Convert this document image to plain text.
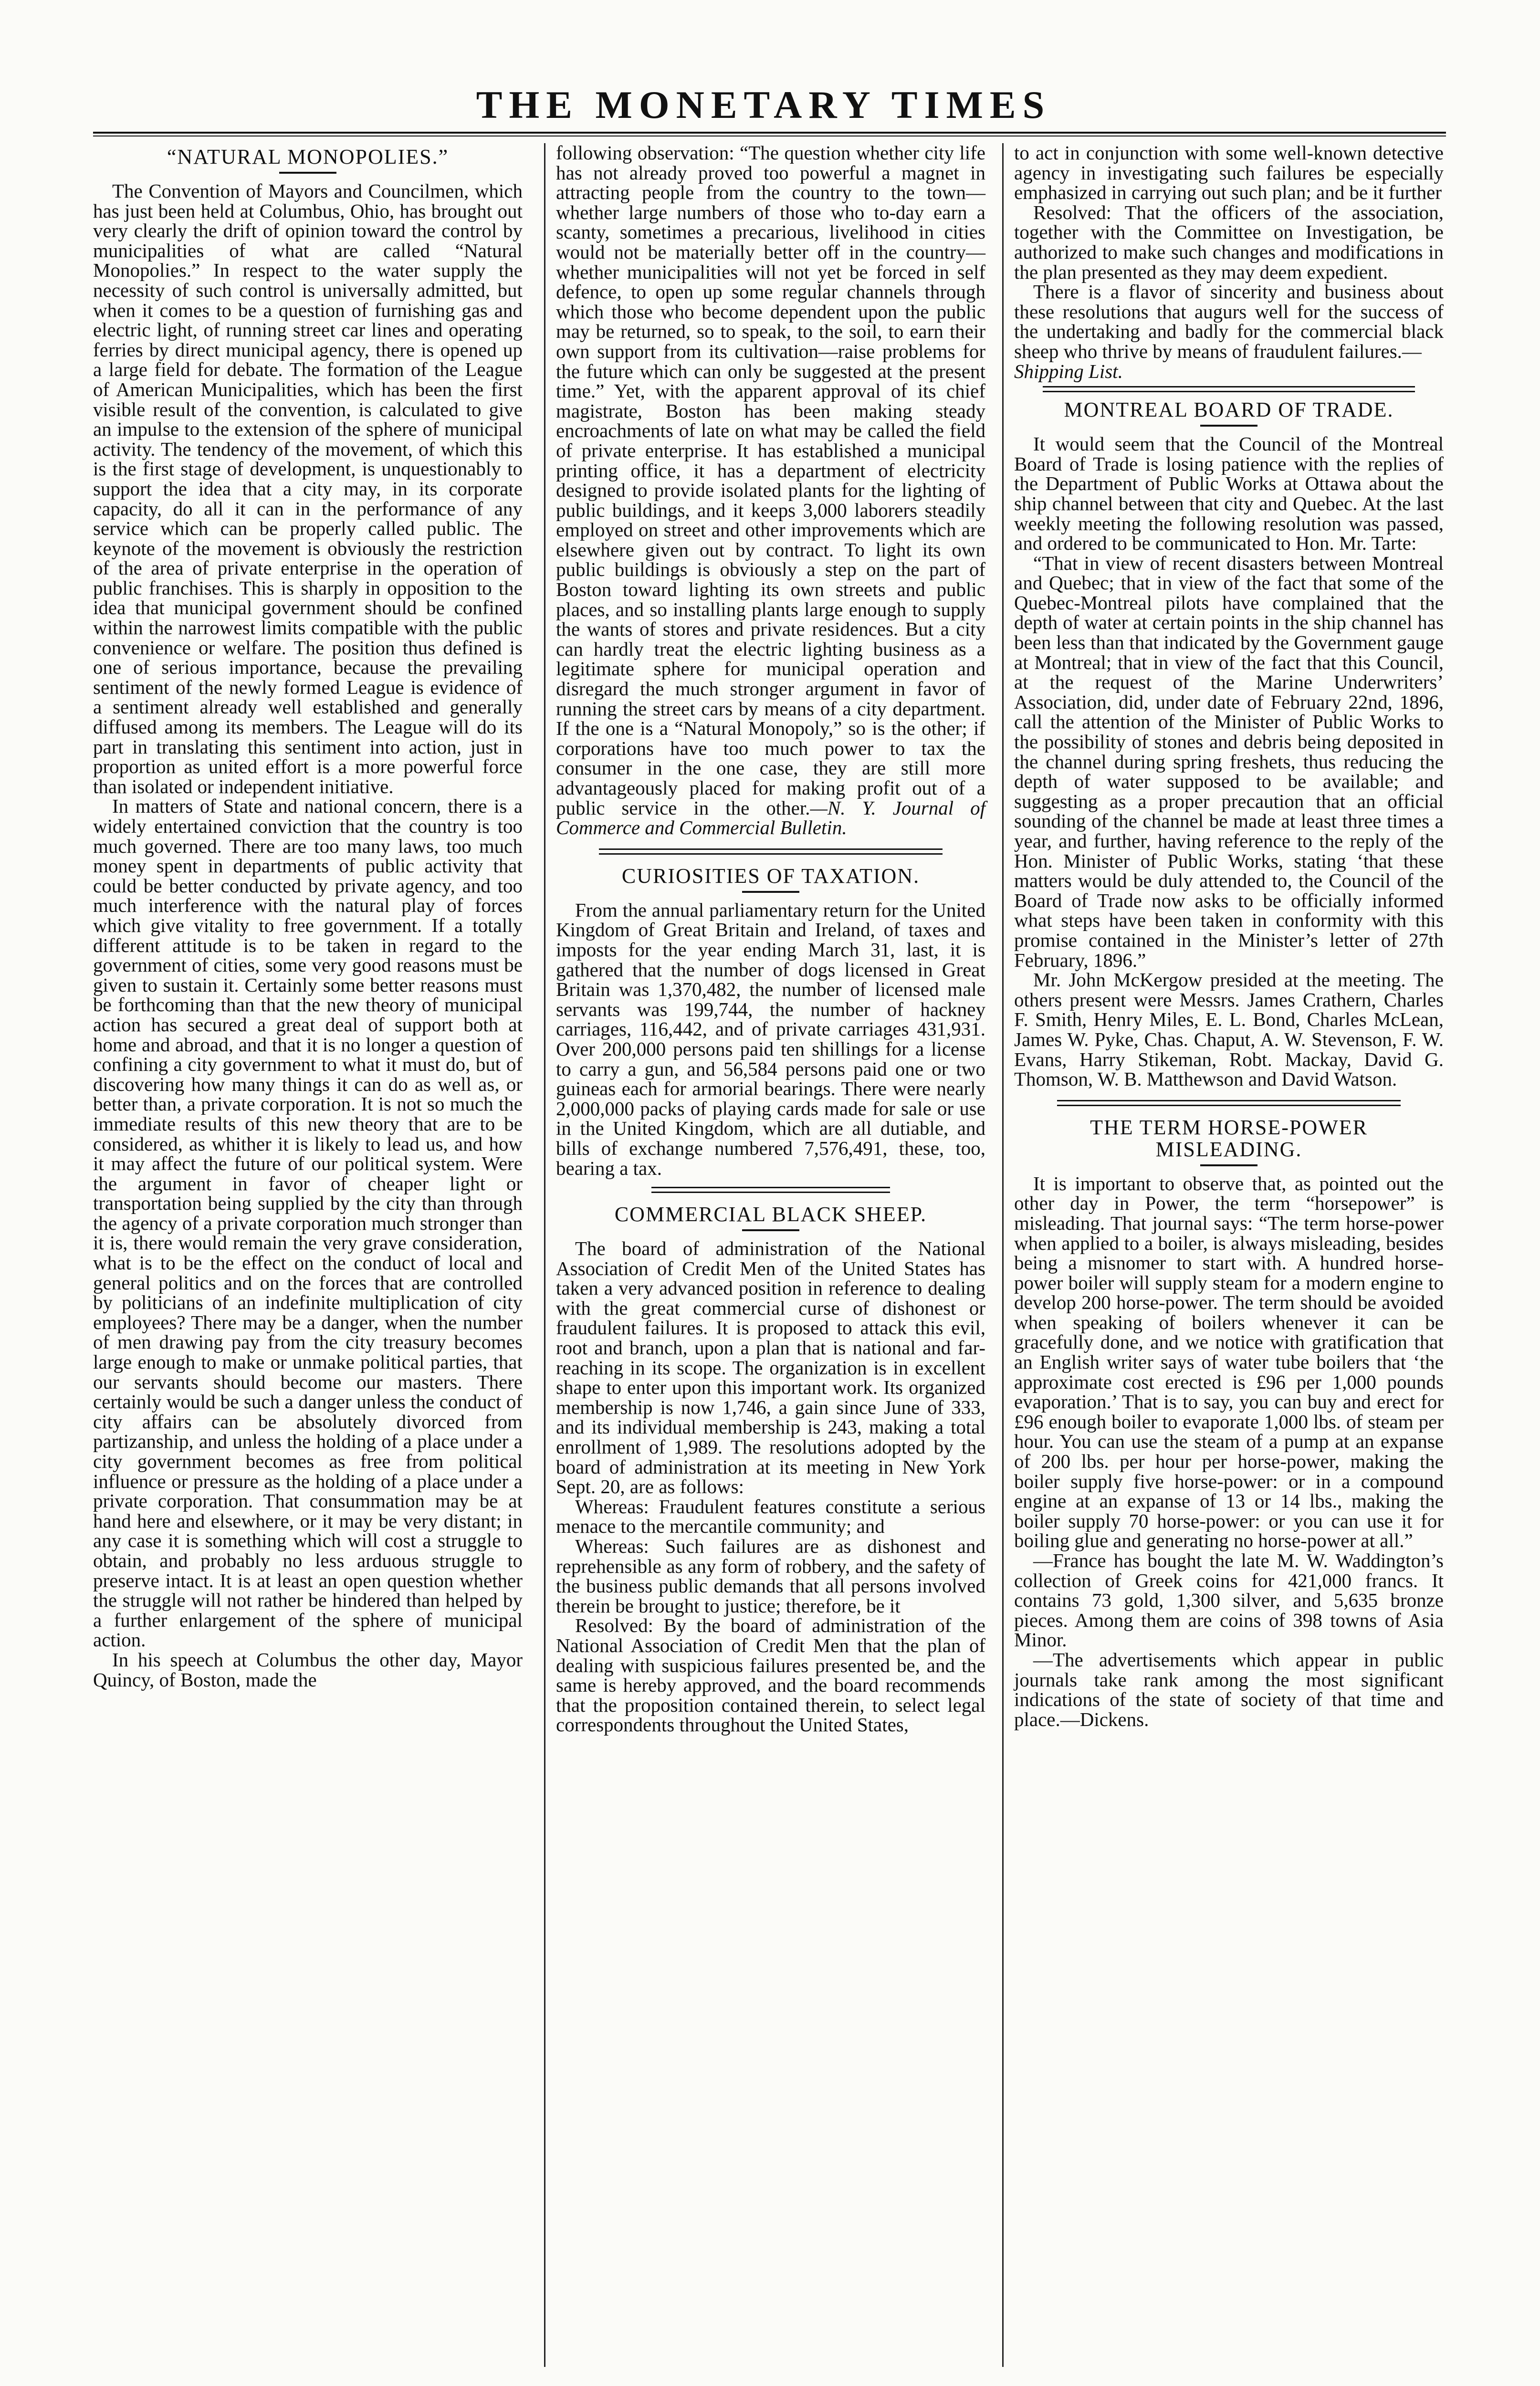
THE MONETARY TIMES
“NATURAL MONOPOLIES.”

The Convention of Mayors and Councilmen, which has just been held at Columbus, Ohio, has brought out very clearly the drift of opinion toward the control by municipalities of what are called “Natural Monopolies.” In respect to the water supply the necessity of such control is universally admitted, but when it comes to be a question of furnishing gas and electric light, of running street car lines and operating ferries by direct municipal agency, there is opened up a large field for debate. The formation of the League of American Municipalities, which has been the first visible result of the convention, is calculated to give an impulse to the extension of the sphere of municipal activity. The tendency of the movement, of which this is the first stage of development, is unquestionably to support the idea that a city may, in its corporate capacity, do all it can in the performance of any service which can be properly called public. The keynote of the movement is obviously the restriction of the area of private enterprise in the operation of public franchises. This is sharply in opposition to the idea that municipal government should be confined within the narrowest limits compatible with the public convenience or welfare. The position thus defined is one of serious importance, because the prevailing sentiment of the newly formed League is evidence of a sentiment already well established and generally diffused among its members. The League will do its part in translating this sentiment into action, just in proportion as united effort is a more powerful force than isolated or independent initiative.

In matters of State and national concern, there is a widely entertained conviction that the country is too much governed. There are too many laws, too much money spent in departments of public activity that could be better conducted by private agency, and too much interference with the natural play of forces which give vitality to free government. If a totally different attitude is to be taken in regard to the government of cities, some very good reasons must be given to sustain it. Certainly some better reasons must be forthcoming than that the new theory of municipal action has secured a great deal of support both at home and abroad, and that it is no longer a question of confining a city government to what it must do, but of discovering how many things it can do as well as, or better than, a private corporation. It is not so much the immediate results of this new theory that are to be considered, as whither it is likely to lead us, and how it may affect the future of our political system. Were the argument in favor of cheaper light or transportation being supplied by the city than through the agency of a private corporation much stronger than it is, there would remain the very grave consideration, what is to be the effect on the conduct of local and general politics and on the forces that are controlled by politicians of an indefinite multiplication of city employees? There may be a danger, when the number of men drawing pay from the city treasury becomes large enough to make or unmake political parties, that our servants should become our masters. There certainly would be such a danger unless the conduct of city affairs can be absolutely divorced from partizanship, and unless the holding of a place under a city government becomes as free from political influence or pressure as the holding of a place under a private corporation. That consummation may be at hand here and elsewhere, or it may be very distant; in any case it is something which will cost a struggle to obtain, and probably no less arduous struggle to preserve intact. It is at least an open question whether the struggle will not rather be hindered than helped by a further enlargement of the sphere of municipal action.

In his speech at Columbus the other day, Mayor Quincy, of Boston, made the

following observation: “The question whether city life has not already proved too powerful a magnet in attracting people from the country to the town—whether large numbers of those who to-day earn a scanty, sometimes a precarious, livelihood in cities would not be materially better off in the country—whether municipalities will not yet be forced in self defence, to open up some regular channels through which those who become dependent upon the public may be returned, so to speak, to the soil, to earn their own support from its cultivation—raise problems for the future which can only be suggested at the present time.” Yet, with the apparent approval of its chief magistrate, Boston has been making steady encroachments of late on what may be called the field of private enterprise. It has established a municipal printing office, it has a department of electricity designed to provide isolated plants for the lighting of public buildings, and it keeps 3,000 laborers steadily employed on street and other improvements which are elsewhere given out by contract. To light its own public buildings is obviously a step on the part of Boston toward lighting its own streets and public places, and so installing plants large enough to supply the wants of stores and private residences. But a city can hardly treat the electric lighting business as a legitimate sphere for municipal operation and disregard the much stronger argument in favor of running the street cars by means of a city department. If the one is a “Natural Monopoly,” so is the other; if corporations have too much power to tax the consumer in the one case, they are still more advantageously placed for making profit out of a public service in the other.—N. Y. Journal of Commerce and Commercial Bulletin.

CURIOSITIES OF TAXATION.

From the annual parliamentary return for the United Kingdom of Great Britain and Ireland, of taxes and imposts for the year ending March 31, last, it is gathered that the number of dogs licensed in Great Britain was 1,370,482, the number of licensed male servants was 199,744, the number of hackney carriages, 116,442, and of private carriages 431,931. Over 200,000 persons paid ten shillings for a license to carry a gun, and 56,584 persons paid one or two guineas each for armorial bearings. There were nearly 2,000,000 packs of playing cards made for sale or use in the United Kingdom, which are all dutiable, and bills of exchange numbered 7,576,491, these, too, bearing a tax.

COMMERCIAL BLACK SHEEP.

The board of administration of the National Association of Credit Men of the United States has taken a very advanced position in reference to dealing with the great commercial curse of dishonest or fraudulent failures. It is proposed to attack this evil, root and branch, upon a plan that is national and far-reaching in its scope. The organization is in excellent shape to enter upon this important work. Its organized membership is now 1,746, a gain since June of 333, and its individual membership is 243, making a total enrollment of 1,989. The resolutions adopted by the board of administration at its meeting in New York Sept. 20, are as follows:

Whereas: Fraudulent features constitute a serious menace to the mercantile community; and

Whereas: Such failures are as dishonest and reprehensible as any form of robbery, and the safety of the business public demands that all persons involved therein be brought to justice; therefore, be it

Resolved: By the board of administration of the National Association of Credit Men that the plan of dealing with suspicious failures presented be, and the same is hereby approved, and the board recommends that the proposition contained therein, to select legal correspondents throughout the United States,

to act in conjunction with some well-known detective agency in investigating such failures be especially emphasized in carrying out such plan; and be it further

Resolved: That the officers of the association, together with the Committee on Investigation, be authorized to make such changes and modifications in the plan presented as they may deem expedient.

There is a flavor of sincerity and business about these resolutions that augurs well for the success of the undertaking and badly for the commercial black sheep who thrive by means of fraudulent failures.—
Shipping List.

MONTREAL BOARD OF TRADE.

It would seem that the Council of the Montreal Board of Trade is losing patience with the replies of the Department of Public Works at Ottawa about the ship channel between that city and Quebec. At the last weekly meeting the following resolution was passed, and ordered to be communicated to Hon. Mr. Tarte:

“That in view of recent disasters between Montreal and Quebec; that in view of the fact that some of the Quebec-Montreal pilots have complained that the depth of water at certain points in the ship channel has been less than that indicated by the Government gauge at Montreal; that in view of the fact that this Council, at the request of the Marine Underwriters’ Association, did, under date of February 22nd, 1896, call the attention of the Minister of Public Works to the possibility of stones and debris being deposited in the channel during spring freshets, thus reducing the depth of water supposed to be available; and suggesting as a proper precaution that an official sounding of the channel be made at least three times a year, and further, having reference to the reply of the Hon. Minister of Public Works, stating ‘that these matters would be duly attended to, the Council of the Board of Trade now asks to be officially informed what steps have been taken in conformity with this promise contained in the Minister’s letter of 27th February, 1896.”

Mr. John McKergow presided at the meeting. The others present were Messrs. James Crathern, Charles F. Smith, Henry Miles, E. L. Bond, Charles McLean, James W. Pyke, Chas. Chaput, A. W. Stevenson, F. W. Evans, Harry Stikeman, Robt. Mackay, David G. Thomson, W. B. Matthewson and David Watson.

THE TERM HORSE-POWER MISLEADING.

It is important to observe that, as pointed out the other day in Power, the term “horsepower” is misleading. That journal says: “The term horse-power when applied to a boiler, is always misleading, besides being a misnomer to start with. A hundred horse-power boiler will supply steam for a modern engine to develop 200 horse-power. The term should be avoided when speaking of boilers whenever it can be gracefully done, and we notice with gratification that an English writer says of water tube boilers that ‘the approximate cost erected is £96 per 1,000 pounds evaporation.’ That is to say, you can buy and erect for £96 enough boiler to evaporate 1,000 lbs. of steam per hour. You can use the steam of a pump at an expanse of 200 lbs. per hour per horse-power, making the boiler supply five horse-power: or in a compound engine at an expanse of 13 or 14 lbs., making the boiler supply 70 horse-power: or you can use it for boiling glue and generating no horse-power at all.”

—France has bought the late M. W. Waddington’s collection of Greek coins for 421,000 francs. It contains 73 gold, 1,300 silver, and 5,635 bronze pieces. Among them are coins of 398 towns of Asia Minor.

—The advertisements which appear in public journals take rank among the most significant indications of the state of society of that time and place.—Dickens.
